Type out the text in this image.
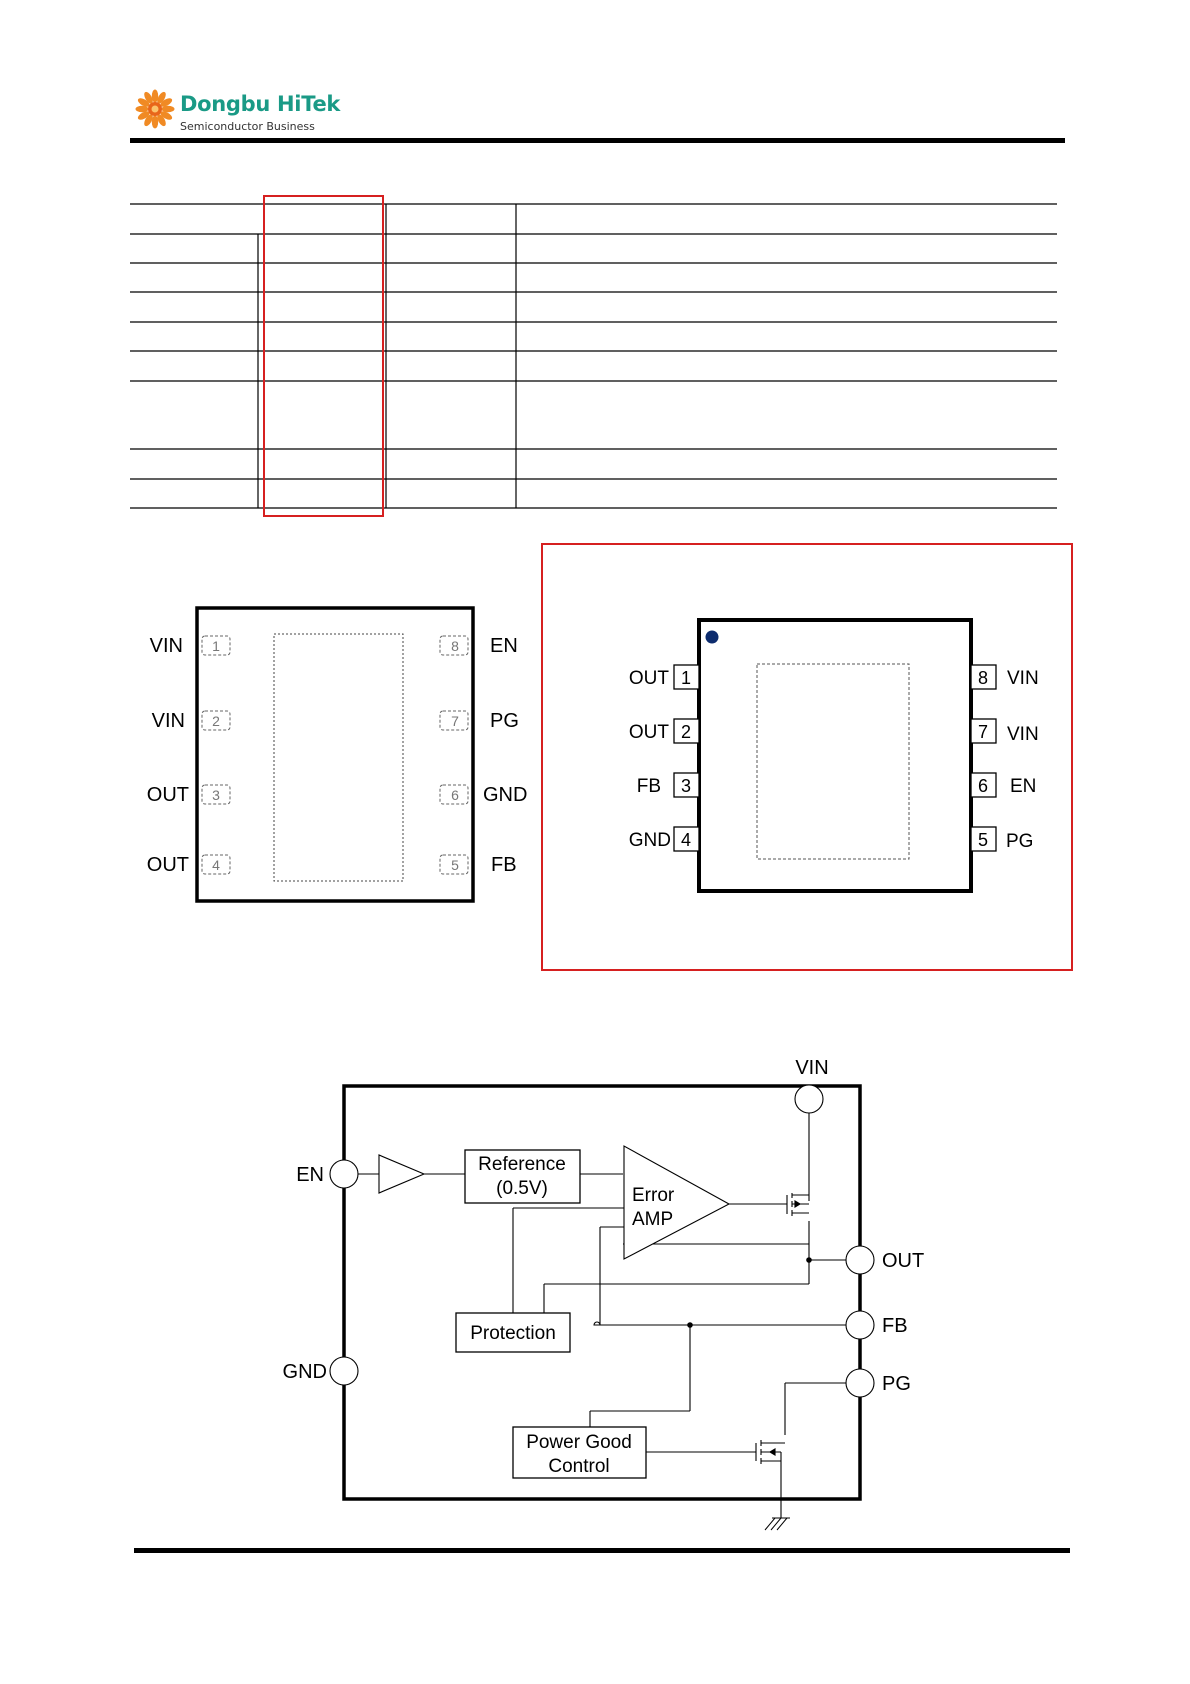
Dongbu HiTek
Semiconductor Business
1
VIN
2
VIN
3
OUT
4
OUT
8 EN
7 PG
6 GND
5 FB
1
OUT
2
OUT
3
FB
4
GND
8 VIN
7 VIN
6 EN
5 PG
Reference
(0.5V)	Error
AMP
Protection
Power Good
Control
VIN
EN
GND
OUT
FB
PG
